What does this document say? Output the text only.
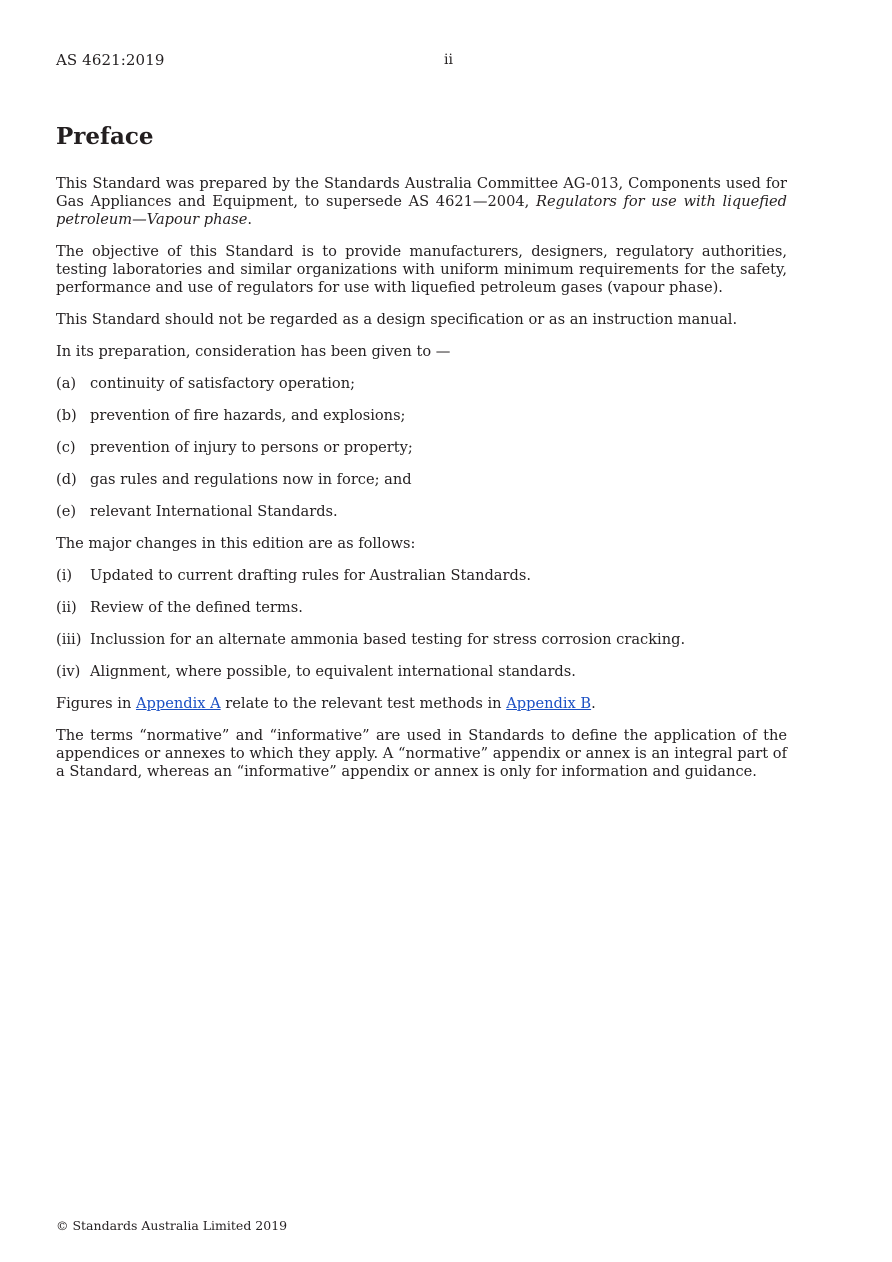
AS 4621:2019	ii
Preface

This Standard was prepared by the Standards Australia Committee AG-013, Components used for Gas Appliances and Equipment, to supersede AS 4621—2004, Regulators for use with liquefied petroleum—Vapour phase.

The objective of this Standard is to provide manufacturers, designers, regulatory authorities, testing laboratories and similar organizations with uniform minimum requirements for the safety, performance and use of regulators for use with liquefied petroleum gases (vapour phase).

This Standard should not be regarded as a design specification or as an instruction manual.

In its preparation, consideration has been given to —

(a) continuity of satisfactory operation;
(b) prevention of fire hazards, and explosions;
(c) prevention of injury to persons or property;
(d) gas rules and regulations now in force; and
(e) relevant International Standards.

The major changes in this edition are as follows:

(i)	Updated to current drafting rules for Australian Standards.
(ii) Review of the defined terms.
(iii) Inclussion for an alternate ammonia based testing for stress corrosion cracking.
(iv) Alignment, where possible, to equivalent international standards.

Figures in Appendix A relate to the relevant test methods in Appendix B.

The terms “normative” and “informative” are used in Standards to define the application of the appendices or annexes to which they apply. A “normative” appendix or annex is an integral part of a Standard, whereas an “informative” appendix or annex is only for information and guidance.

© Standards Australia Limited 2019
